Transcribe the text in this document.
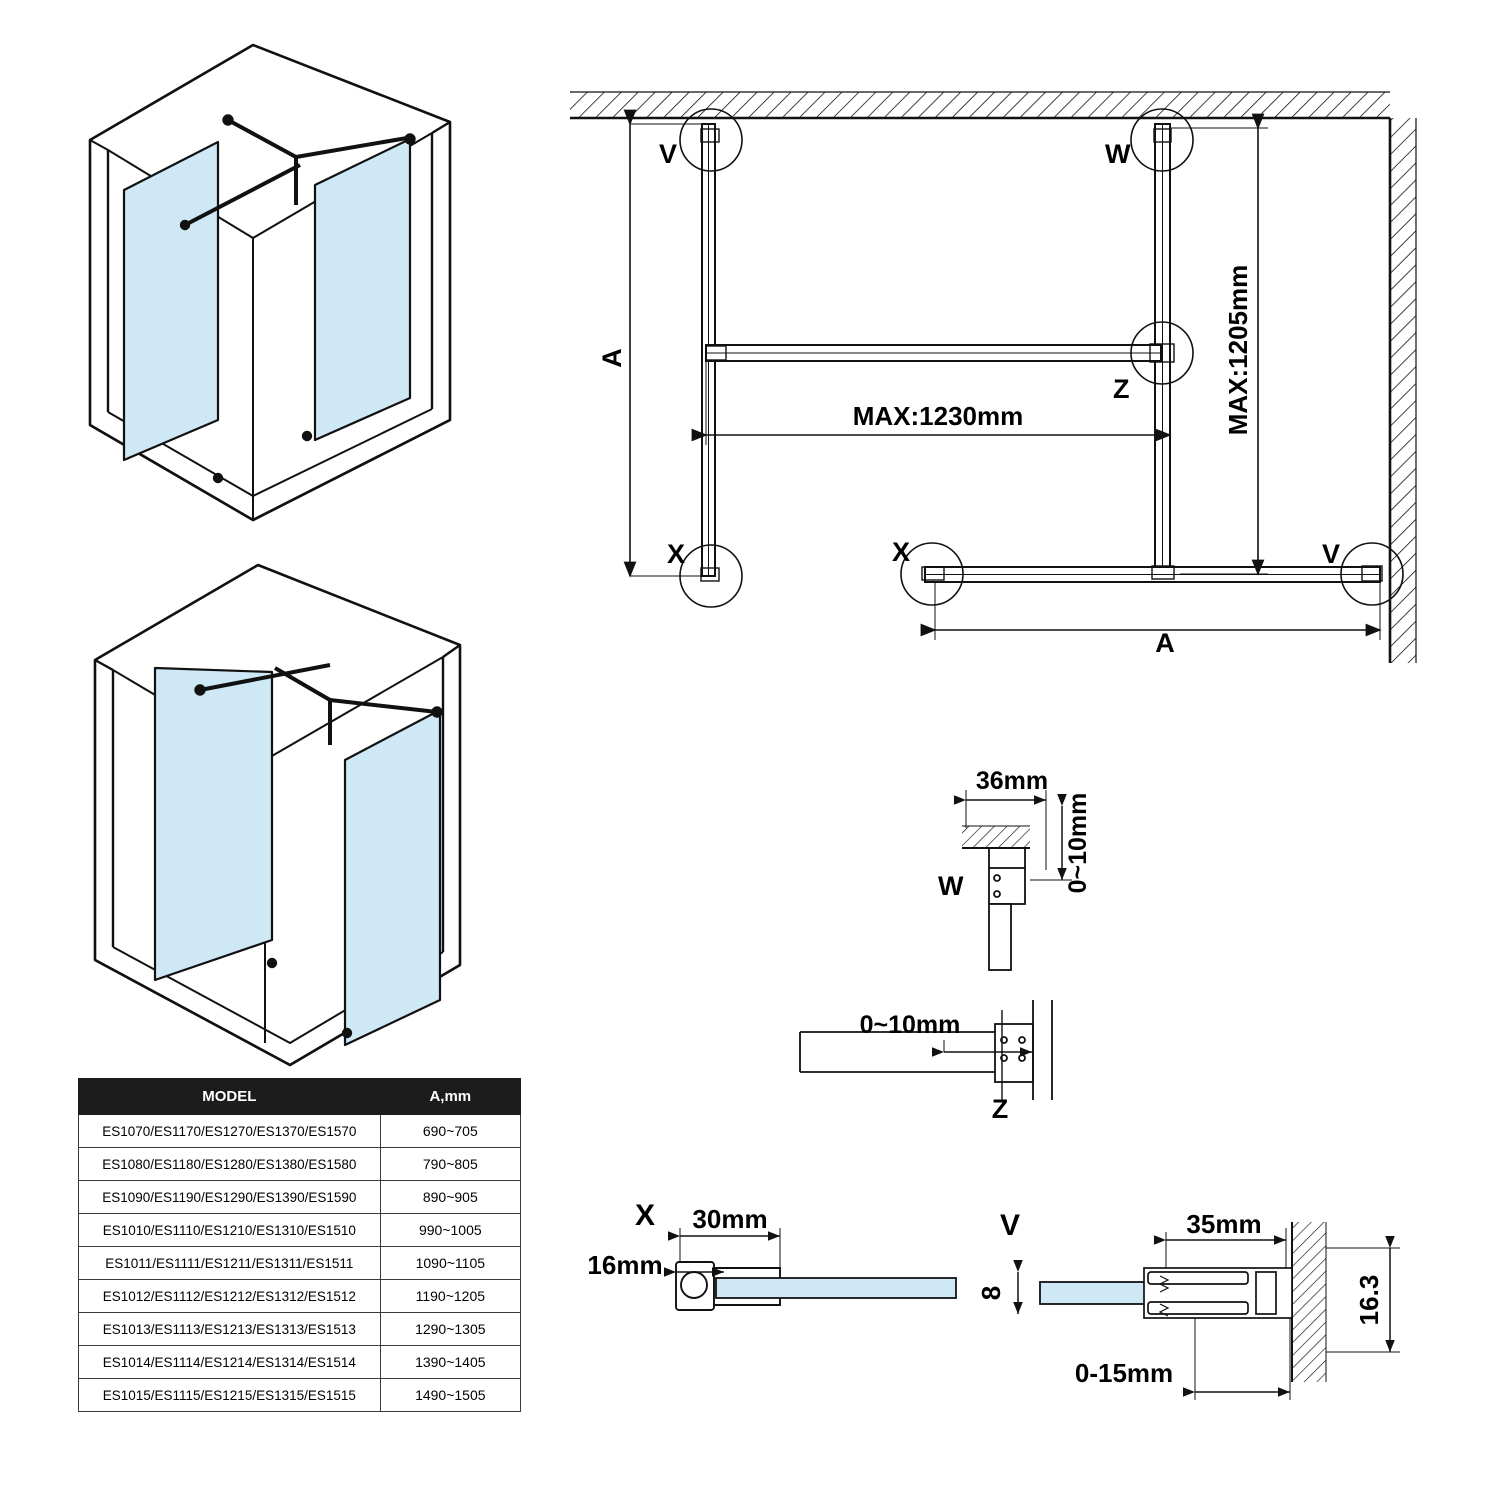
A
MAX:1230mm	MAX:1205mm
A
V	W
Z
X	X	V
36mm
0~10mm
W
0~10mm
Z
30mm
16mm
X	35mm
16.3
8
0-15mm
V
MODEL	A,mm
ES1070/ES1170/ES1270/ES1370/ES1570	690~705
ES1080/ES1180/ES1280/ES1380/ES1580	790~805
ES1090/ES1190/ES1290/ES1390/ES1590	890~905
ES1010/ES1110/ES1210/ES1310/ES1510	990~1005
ES1011/ES1111/ES1211/ES1311/ES1511	1090~1105
ES1012/ES1112/ES1212/ES1312/ES1512	1190~1205
ES1013/ES1113/ES1213/ES1313/ES1513	1290~1305
ES1014/ES1114/ES1214/ES1314/ES1514	1390~1405
ES1015/ES1115/ES1215/ES1315/ES1515	1490~1505
